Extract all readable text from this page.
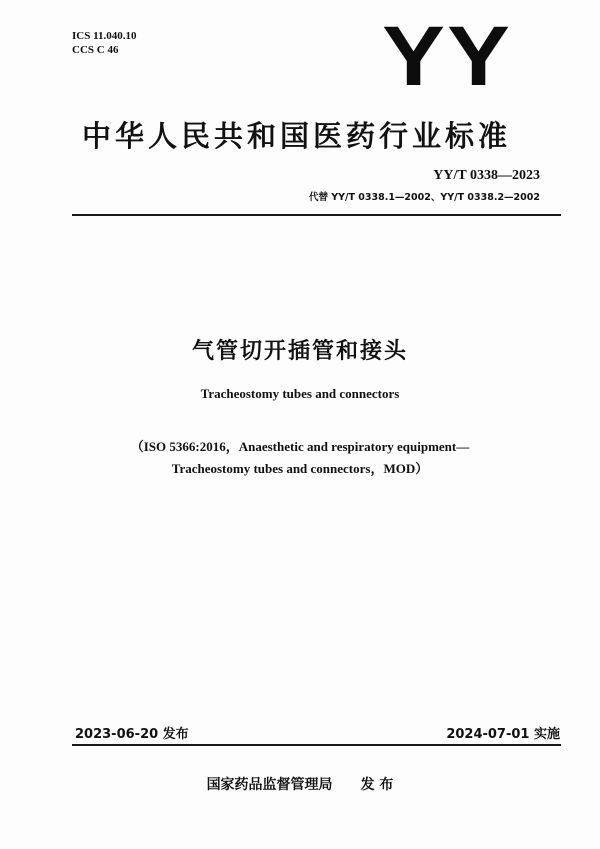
ICS 11.040.10
CCS C 46	YY
中华人民共和国医药行业标准
YY/T 0338—2023
代替 YY/T 0338.1—2002、YY/T 0338.2—2002
气管切开插管和接头
Tracheostomy tubes and connectors
（ISO 5366:2016，Anaesthetic and respiratory equipment—
Tracheostomy tubes and connectors，MOD）
2023-06-20 发布	2024-07-01 实施
国家药品监督管理局 发 布
